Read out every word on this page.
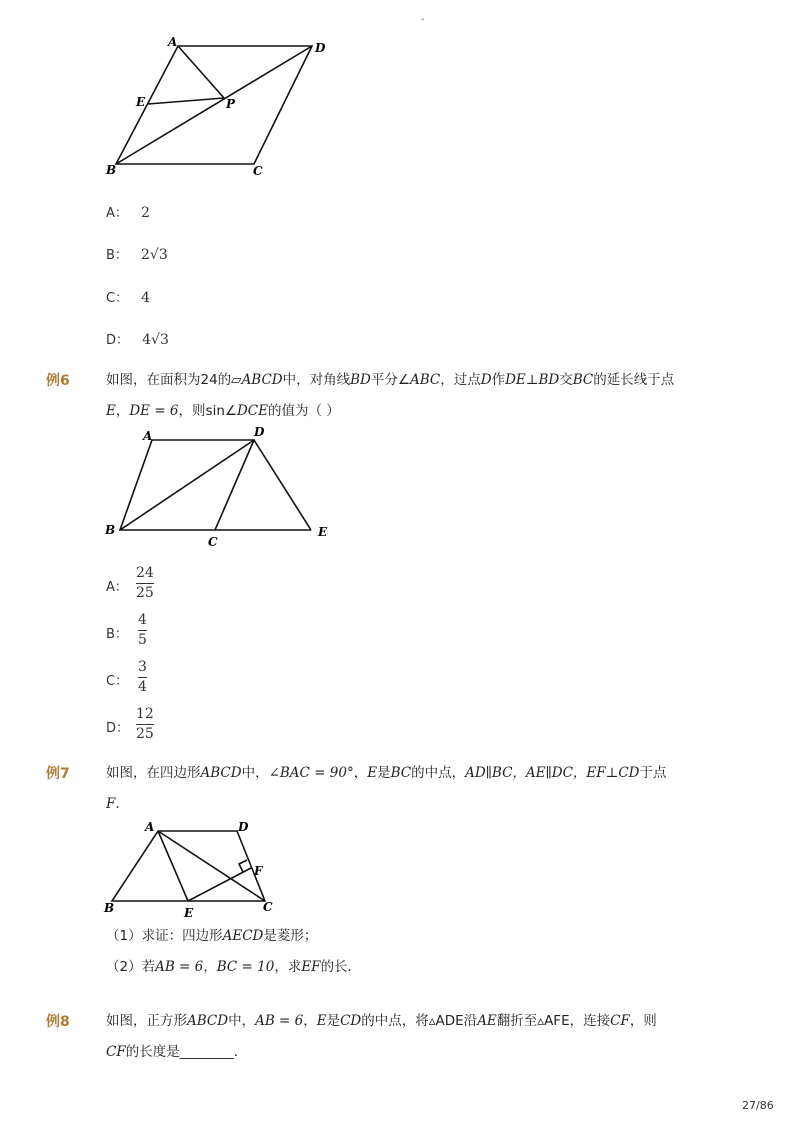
-
A	D
E	P
B	C
A： 2
B： 2√3
C： 4
D： 4√3
例6	如图，在面积为24的▱ABCD中，对角线BD平分∠ABC，过点D作DE⊥BD交BC的延长线于点
E，DE = 6，则sin∠DCE的值为（ ）
A	D
B
C
E
A：
24
25
B：
4
5
C：
3
4
D：
12
25
例7	如图，在四边形ABCD中，∠BAC = 90°，E是BC的中点，AD∥BC，AE∥DC，EF⊥CD于点
F.
A	D
F
B	E	C
（1）求证：四边形AECD是菱形；
（2）若AB = 6，BC = 10，求EF的长．
例8	如图，正方形ABCD中，AB = 6，E是CD的中点，将▵ADE沿AE翻折至▵AFE，连接CF，则
CF的长度是________．
27/86
